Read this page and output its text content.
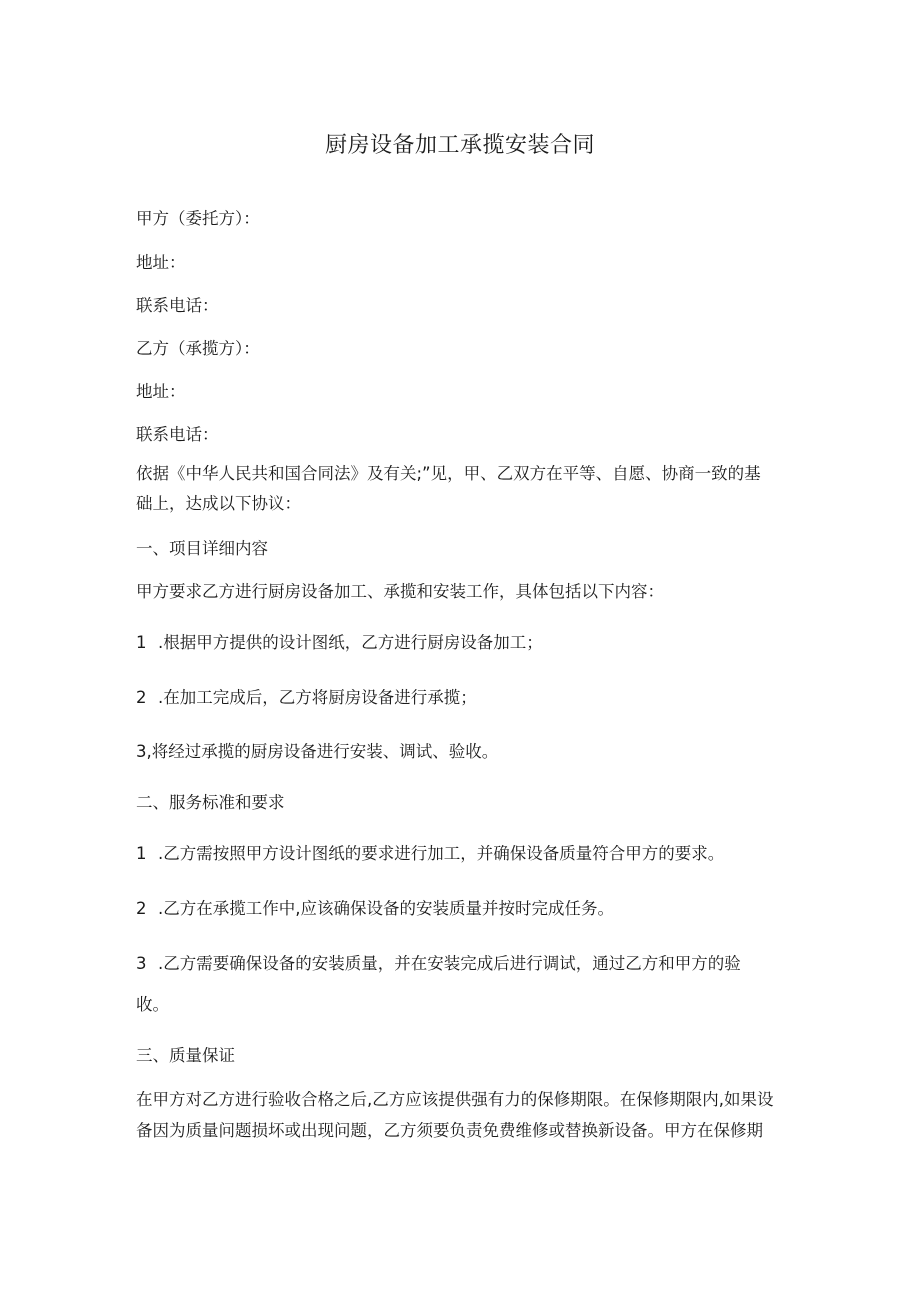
厨房设备加工承揽安装合同
甲方（委托方）：
地址：
联系电话：
乙方（承揽方）：
地址：
联系电话：
依据《中华人民共和国合同法》及有关;”见，甲、乙双方在平等、自愿、协商一致的基
础上，达成以下协议：
一、项目详细内容
甲方要求乙方进行厨房设备加工、承揽和安装工作，具体包括以下内容：
1 .根据甲方提供的设计图纸，乙方进行厨房设备加工；
2 .在加工完成后，乙方将厨房设备进行承揽；
3,将经过承揽的厨房设备进行安装、调试、验收。
二、服务标准和要求
1 .乙方需按照甲方设计图纸的要求进行加工，并确保设备质量符合甲方的要求。
2 .乙方在承揽工作中,应该确保设备的安装质量并按时完成任务。
3 .乙方需要确保设备的安装质量，并在安装完成后进行调试，通过乙方和甲方的验
收。
三、质量保证
在甲方对乙方进行验收合格之后,乙方应该提供强有力的保修期限。在保修期限内,如果设
备因为质量问题损坏或出现问题，乙方须要负责免费维修或替换新设备。甲方在保修期
